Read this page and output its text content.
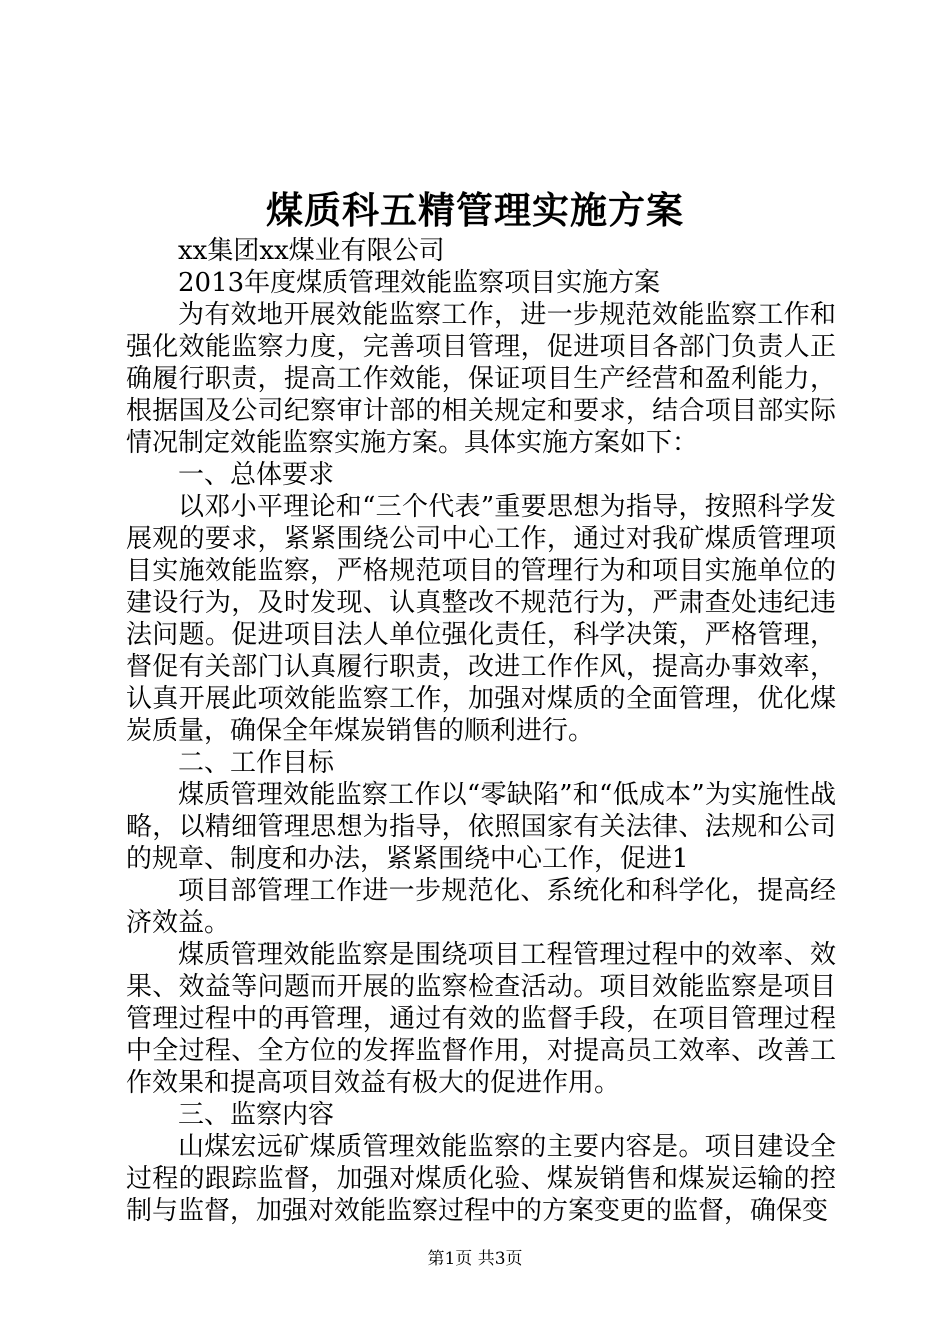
煤质科五精管理实施方案

xx集团xx煤业有限公司

2013年度煤质管理效能监察项目实施方案

为有效地开展效能监察工作，进一步规范效能监察工作和强化效能监察力度，完善项目管理，促进项目各部门负责人正确履行职责，提高工作效能，保证项目生产经营和盈利能力，根据国及公司纪察审计部的相关规定和要求，结合项目部实际情况制定效能监察实施方案。具体实施方案如下：

一、总体要求

以邓小平理论和“三个代表”重要思想为指导，按照科学发展观的要求，紧紧围绕公司中心工作，通过对我矿煤质管理项目实施效能监察，严格规范项目的管理行为和项目实施单位的建设行为，及时发现、认真整改不规范行为，严肃查处违纪违法问题。促进项目法人单位强化责任，科学决策，严格管理，督促有关部门认真履行职责，改进工作作风，提高办事效率，认真开展此项效能监察工作，加强对煤质的全面管理，优化煤炭质量，确保全年煤炭销售的顺利进行。

二、工作目标

煤质管理效能监察工作以“零缺陷”和“低成本”为实施性战略，以精细管理思想为指导，依照国家有关法律、法规和公司的规章、制度和办法，紧紧围绕中心工作，促进1

项目部管理工作进一步规范化、系统化和科学化，提高经济效益。

煤质管理效能监察是围绕项目工程管理过程中的效率、效果、效益等问题而开展的监察检查活动。项目效能监察是项目管理过程中的再管理，通过有效的监督手段，在项目管理过程中全过程、全方位的发挥监督作用，对提高员工效率、改善工作效果和提高项目效益有极大的促进作用。

三、监察内容

山煤宏远矿煤质管理效能监察的主要内容是。项目建设全过程的跟踪监督，加强对煤质化验、煤炭销售和煤炭运输的控制与监督，加强对效能监察过程中的方案变更的监督，确保变

第1页 共3页
